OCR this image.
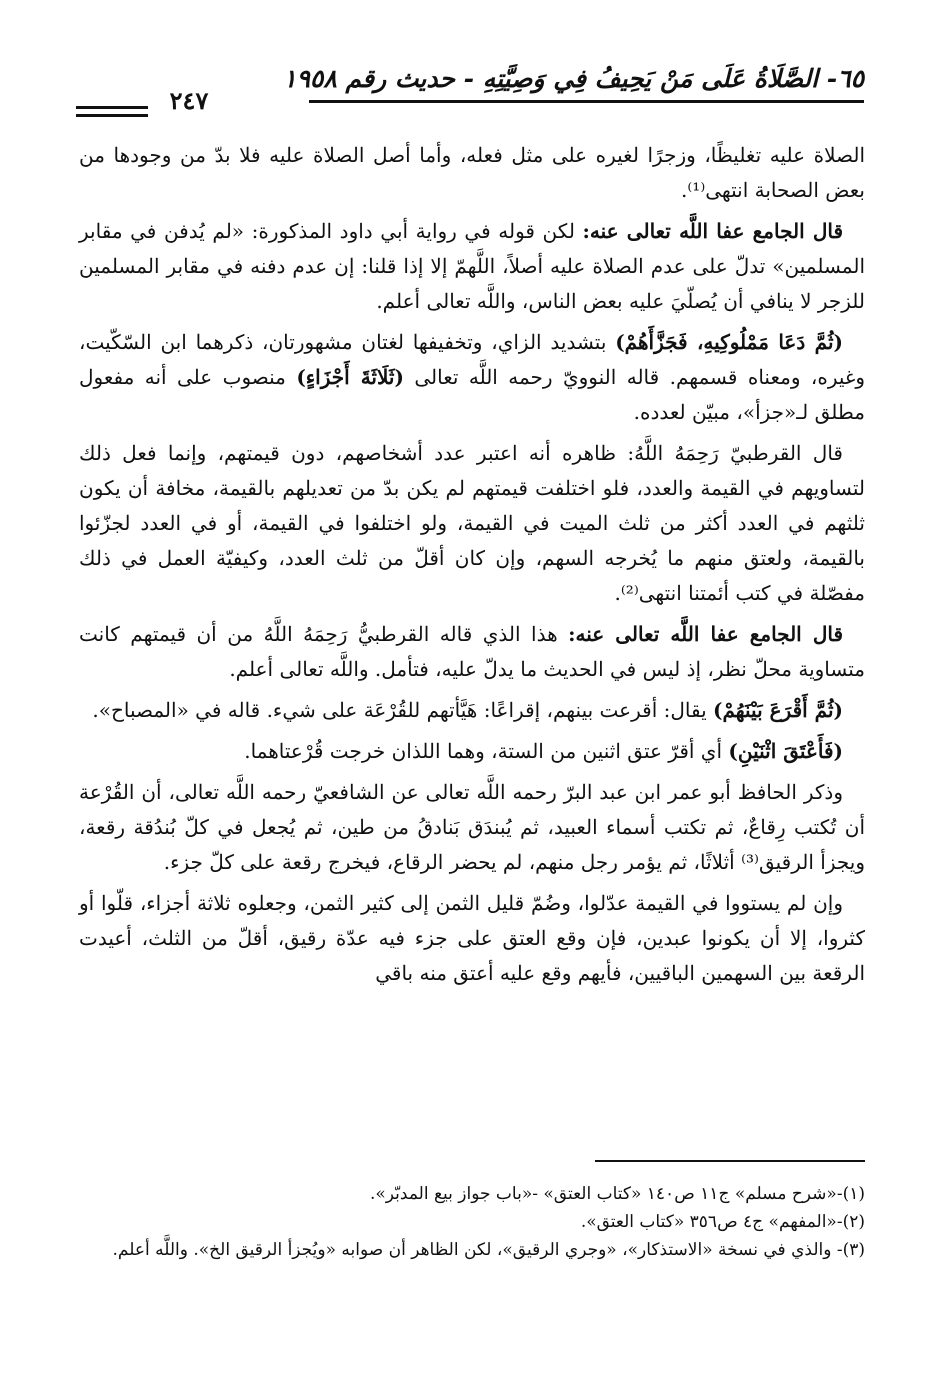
٦٥- الصَّلَاةُ عَلَى مَنْ يَحِيفُ فِي وَصِيَّتِهِ - حديث رقم ١٩٥٨
٢٤٧

الصلاة عليه تغليظًا، وزجرًا لغيره على مثل فعله، وأما أصل الصلاة عليه فلا بدّ من وجودها من بعض الصحابة انتهى⁽¹⁾.

قال الجامع عفا اللَّه تعالى عنه: لكن قوله في رواية أبي داود المذكورة: «لم يُدفن في مقابر المسلمين» تدلّ على عدم الصلاة عليه أصلاً، اللَّهمّ إلا إذا قلنا: إن عدم دفنه في مقابر المسلمين للزجر لا ينافي أن يُصلّيَ عليه بعض الناس، واللَّه تعالى أعلم.

(ثُمَّ دَعَا مَمْلُوكِيهِ، فَجَزَّأَهُمْ) بتشديد الزاي، وتخفيفها لغتان مشهورتان، ذكرهما ابن السّكّيت، وغيره، ومعناه قسمهم. قاله النوويّ رحمه اللَّه تعالى (ثَلَاثَةَ أَجْزَاءٍ) منصوب على أنه مفعول مطلق لـ«جزأ»، مبيّن لعدده.

قال القرطبيّ رَحِمَهُ اللَّهُ: ظاهره أنه اعتبر عدد أشخاصهم، دون قيمتهم، وإنما فعل ذلك لتساويهم في القيمة والعدد، فلو اختلفت قيمتهم لم يكن بدّ من تعديلهم بالقيمة، مخافة أن يكون ثلثهم في العدد أكثر من ثلث الميت في القيمة، ولو اختلفوا في القيمة، أو في العدد لجزّئوا بالقيمة، ولعتق منهم ما يُخرجه السهم، وإن كان أقلّ من ثلث العدد، وكيفيّة العمل في ذلك مفصّلة في كتب أئمتنا انتهى⁽²⁾.

قال الجامع عفا اللَّه تعالى عنه: هذا الذي قاله القرطبيُّ رَحِمَهُ اللَّهُ من أن قيمتهم كانت متساوية محلّ نظر، إذ ليس في الحديث ما يدلّ عليه، فتأمل. واللَّه تعالى أعلم.

(ثُمَّ أَقْرَعَ بَيْنَهُمْ) يقال: أقرعت بينهم، إقراعًا: هَيَّأتهم للقُرْعَة على شيء. قاله في «المصباح».

(فَأَعْتَقَ اثْنَيْنِ) أي أقرّ عتق اثنين من الستة، وهما اللذان خرجت قُرْعتاهما.

وذكر الحافظ أبو عمر ابن عبد البرّ رحمه اللَّه تعالى عن الشافعيّ رحمه اللَّه تعالى، أن القُرْعة أن تُكتب رِقاعٌ، ثم تكتب أسماء العبيد، ثم يُبندَق بَنادقُ من طين، ثم يُجعل في كلّ بُندُقة رقعة، ويجزأ الرقيق⁽³⁾ أثلاثًا، ثم يؤمر رجل منهم، لم يحضر الرقاع، فيخرج رقعة على كلّ جزء.

وإن لم يستووا في القيمة عدّلوا، وضُمّ قليل الثمن إلى كثير الثمن، وجعلوه ثلاثة أجزاء، قلّوا أو كثروا، إلا أن يكونوا عبدين، فإن وقع العتق على جزء فيه عدّة رقيق، أقلّ من الثلث، أعيدت الرقعة بين السهمين الباقيين، فأيهم وقع عليه أعتق منه باقي

(١)-«شرح مسلم» ج١١ ص١٤٠ «كتاب العتق» -«باب جواز بيع المدبّر».
(٢)-«المفهم» ج٤ ص٣٥٦ «كتاب العتق».
(٣)- والذي في نسخة «الاستذكار»، «وجري الرقيق»، لكن الظاهر أن صوابه «ويُجزأ الرقيق الخ». واللَّه أعلم.
